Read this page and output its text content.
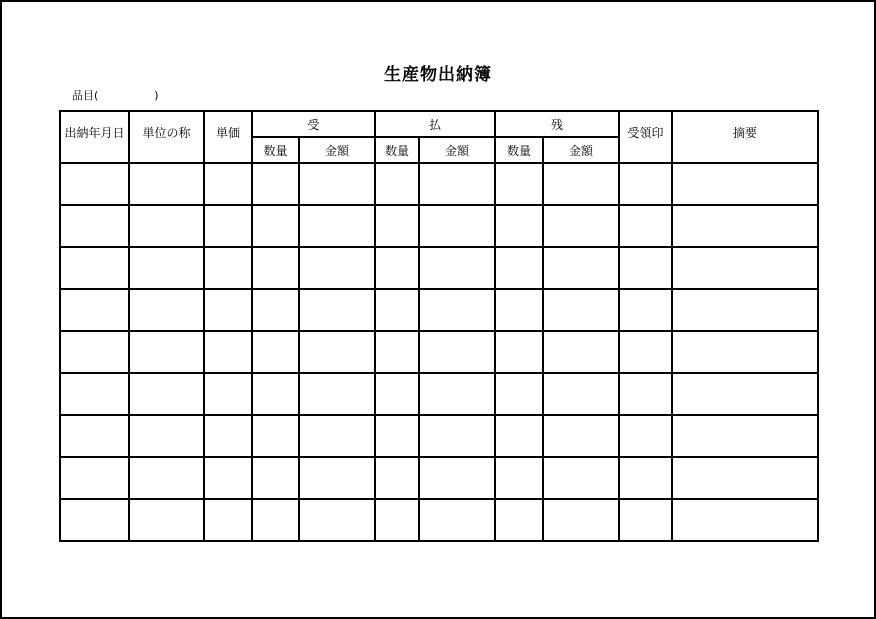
生産物出納簿
品目(	)
出納年月日	単位の称	単価	受		払		残		受領印	摘要
			数量	金額	数量	金額	数量	金額		
